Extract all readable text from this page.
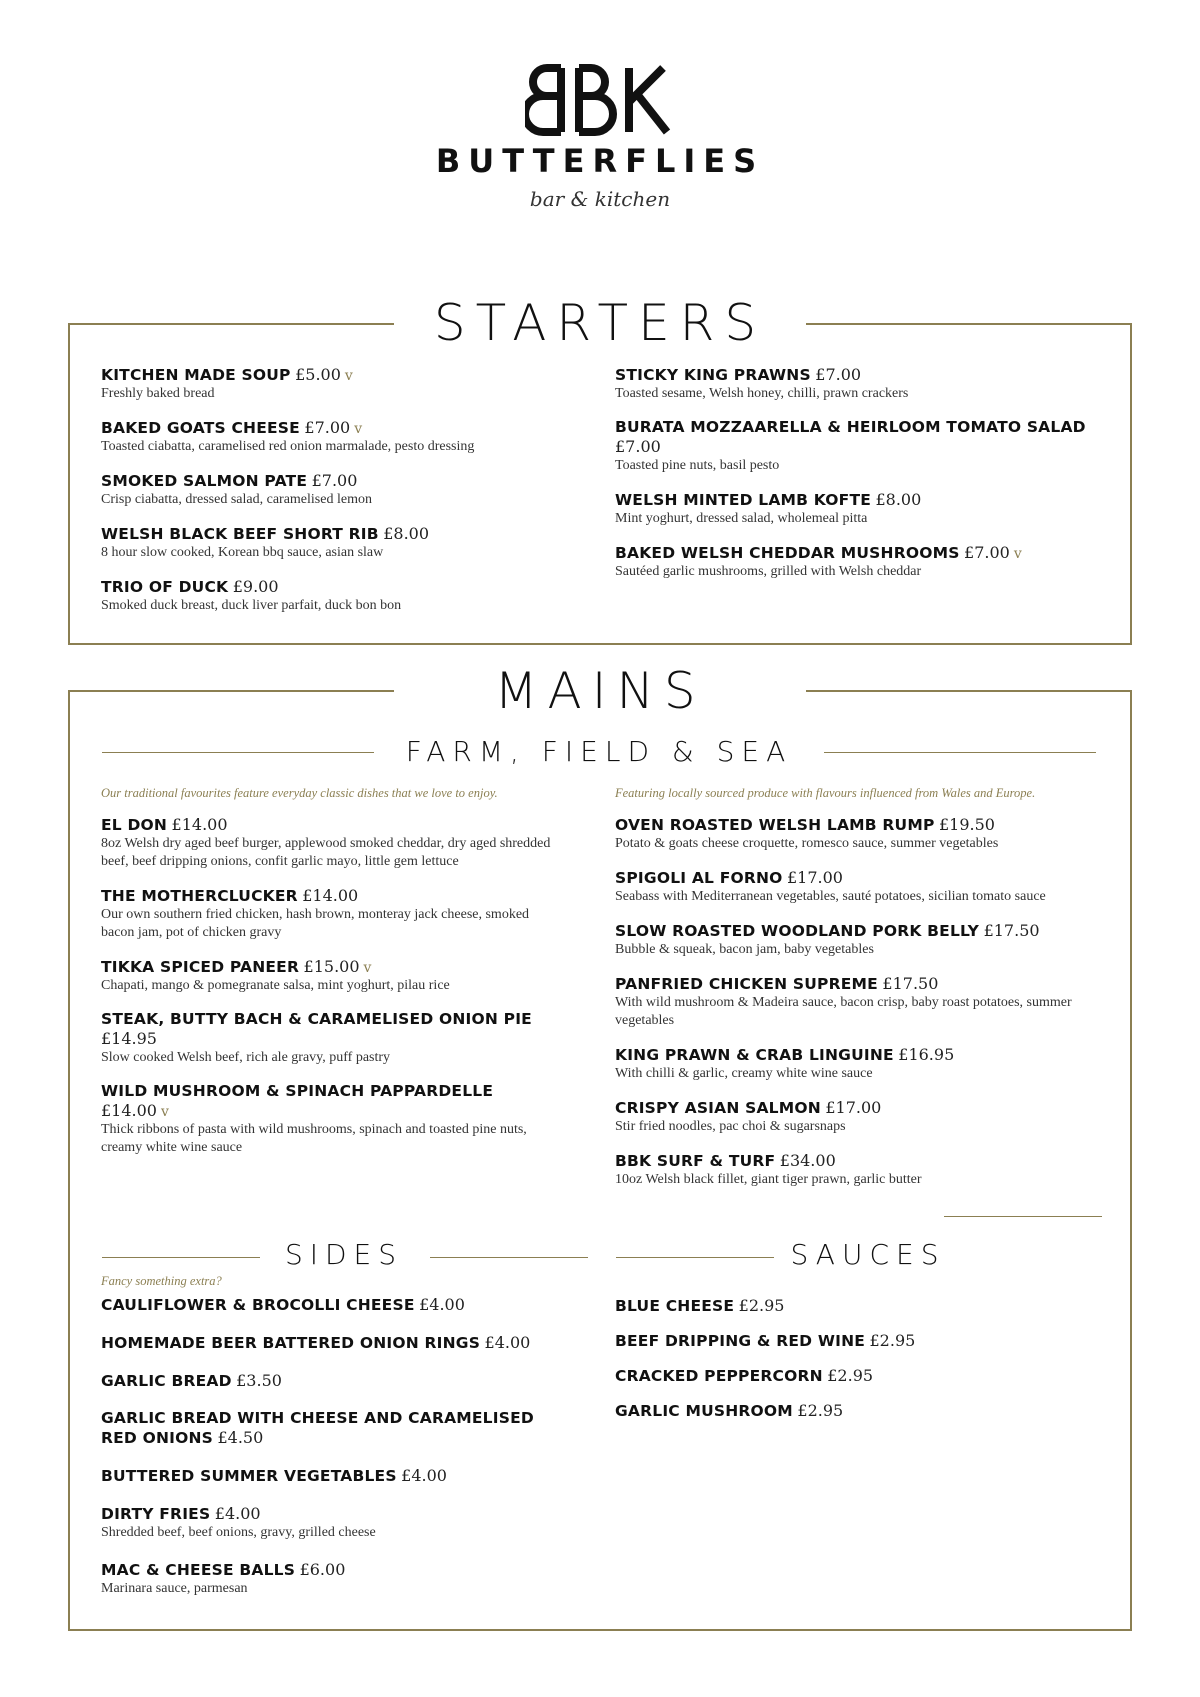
BUTTERFLIES
bar & kitchen
STARTERS
KITCHEN MADE SOUP £5.00 v
Freshly baked bread
BAKED GOATS CHEESE £7.00 v
Toasted ciabatta, caramelised red onion marmalade, pesto dressing
SMOKED SALMON PATE £7.00
Crisp ciabatta, dressed salad, caramelised lemon
WELSH BLACK BEEF SHORT RIB £8.00
8 hour slow cooked, Korean bbq sauce, asian slaw
TRIO OF DUCK £9.00
Smoked duck breast, duck liver parfait, duck bon bon
STICKY KING PRAWNS £7.00
Toasted sesame, Welsh honey, chilli, prawn crackers
BURATA MOZZAARELLA & HEIRLOOM TOMATO SALAD £7.00
Toasted pine nuts, basil pesto
WELSH MINTED LAMB KOFTE £8.00
Mint yoghurt, dressed salad, wholemeal pitta
BAKED WELSH CHEDDAR MUSHROOMS £7.00 v
Sautéed garlic mushrooms, grilled with Welsh cheddar
MAINS
FARM, FIELD & SEA
Our traditional favourites feature everyday classic dishes that we love to enjoy.
EL DON £14.00
8oz Welsh dry aged beef burger, applewood smoked cheddar, dry aged shredded beef, beef dripping onions, confit garlic mayo, little gem lettuce
THE MOTHERCLUCKER £14.00
Our own southern fried chicken, hash brown, monteray jack cheese, smoked bacon jam, pot of chicken gravy
TIKKA SPICED PANEER £15.00 v
Chapati, mango & pomegranate salsa, mint yoghurt, pilau rice
STEAK, BUTTY BACH & CARAMELISED ONION PIE £14.95
Slow cooked Welsh beef, rich ale gravy, puff pastry
WILD MUSHROOM & SPINACH PAPPARDELLE £14.00 v
Thick ribbons of pasta with wild mushrooms, spinach and toasted pine nuts, creamy white wine sauce
Featuring locally sourced produce with flavours influenced from Wales and Europe.
OVEN ROASTED WELSH LAMB RUMP £19.50
Potato & goats cheese croquette, romesco sauce, summer vegetables
SPIGOLI AL FORNO £17.00
Seabass with Mediterranean vegetables, sauté potatoes, sicilian tomato sauce
SLOW ROASTED WOODLAND PORK BELLY £17.50
Bubble & squeak, bacon jam, baby vegetables
PANFRIED CHICKEN SUPREME £17.50
With wild mushroom & Madeira sauce, bacon crisp, baby roast potatoes, summer vegetables
KING PRAWN & CRAB LINGUINE £16.95
With chilli & garlic, creamy white wine sauce
CRISPY ASIAN SALMON £17.00
Stir fried noodles, pac choi & sugarsnaps
BBK SURF & TURF £34.00
10oz Welsh black fillet, giant tiger prawn, garlic butter
SIDES
Fancy something extra?
CAULIFLOWER & BROCOLLI CHEESE £4.00
HOMEMADE BEER BATTERED ONION RINGS £4.00
GARLIC BREAD £3.50
GARLIC BREAD WITH CHEESE AND CARAMELISED RED ONIONS £4.50
BUTTERED SUMMER VEGETABLES £4.00
DIRTY FRIES £4.00
Shredded beef, beef onions, gravy, grilled cheese
MAC & CHEESE BALLS £6.00
Marinara sauce, parmesan
SAUCES
BLUE CHEESE £2.95
BEEF DRIPPING & RED WINE £2.95
CRACKED PEPPERCORN £2.95
GARLIC MUSHROOM £2.95
